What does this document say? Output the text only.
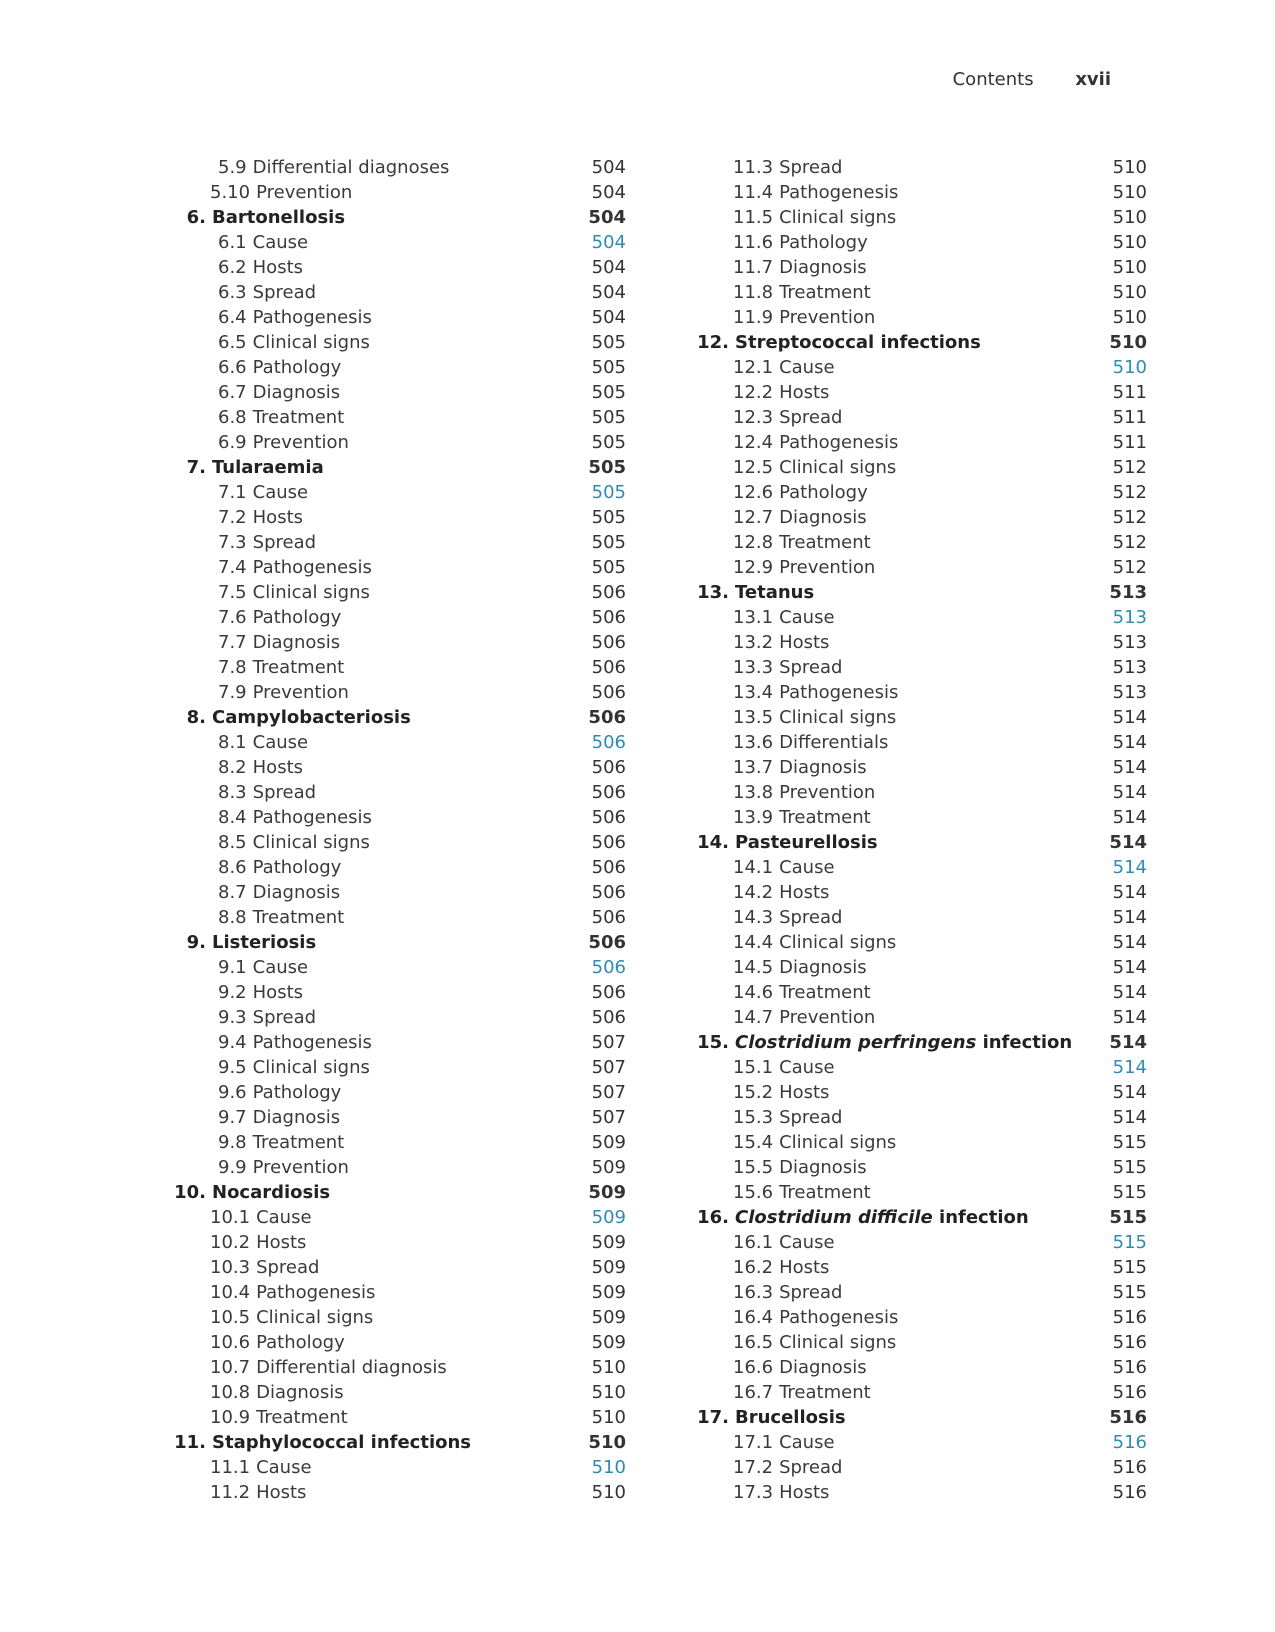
Contents xvii
5.9 Differential diagnoses	504
5.10 Prevention	504
6. Bartonellosis	504
6.1 Cause	504
6.2 Hosts	504
6.3 Spread	504
6.4 Pathogenesis	504
6.5 Clinical signs	505
6.6 Pathology	505
6.7 Diagnosis	505
6.8 Treatment	505
6.9 Prevention	505
7. Tularaemia	505
7.1 Cause	505
7.2 Hosts	505
7.3 Spread	505
7.4 Pathogenesis	505
7.5 Clinical signs	506
7.6 Pathology	506
7.7 Diagnosis	506
7.8 Treatment	506
7.9 Prevention	506
8. Campylobacteriosis	506
8.1 Cause	506
8.2 Hosts	506
8.3 Spread	506
8.4 Pathogenesis	506
8.5 Clinical signs	506
8.6 Pathology	506
8.7 Diagnosis	506
8.8 Treatment	506
9. Listeriosis	506
9.1 Cause	506
9.2 Hosts	506
9.3 Spread	506
9.4 Pathogenesis	507
9.5 Clinical signs	507
9.6 Pathology	507
9.7 Diagnosis	507
9.8 Treatment	509
9.9 Prevention	509
10. Nocardiosis	509
10.1 Cause	509
10.2 Hosts	509
10.3 Spread	509
10.4 Pathogenesis	509
10.5 Clinical signs	509
10.6 Pathology	509
10.7 Differential diagnosis	510
10.8 Diagnosis	510
10.9 Treatment	510
11. Staphylococcal infections	510
11.1 Cause	510
11.2 Hosts	510
11.3 Spread	510
11.4 Pathogenesis	510
11.5 Clinical signs	510
11.6 Pathology	510
11.7 Diagnosis	510
11.8 Treatment	510
11.9 Prevention	510
12. Streptococcal infections	510
12.1 Cause	510
12.2 Hosts	511
12.3 Spread	511
12.4 Pathogenesis	511
12.5 Clinical signs	512
12.6 Pathology	512
12.7 Diagnosis	512
12.8 Treatment	512
12.9 Prevention	512
13. Tetanus	513
13.1 Cause	513
13.2 Hosts	513
13.3 Spread	513
13.4 Pathogenesis	513
13.5 Clinical signs	514
13.6 Differentials	514
13.7 Diagnosis	514
13.8 Prevention	514
13.9 Treatment	514
14. Pasteurellosis	514
14.1 Cause	514
14.2 Hosts	514
14.3 Spread	514
14.4 Clinical signs	514
14.5 Diagnosis	514
14.6 Treatment	514
14.7 Prevention	514
15. Clostridium perfringens infection 514
15.1 Cause	514
15.2 Hosts	514
15.3 Spread	514
15.4 Clinical signs	515
15.5 Diagnosis	515
15.6 Treatment	515
16. Clostridium difficile infection	515
16.1 Cause	515
16.2 Hosts	515
16.3 Spread	515
16.4 Pathogenesis	516
16.5 Clinical signs	516
16.6 Diagnosis	516
16.7 Treatment	516
17. Brucellosis	516
17.1 Cause	516
17.2 Spread	516
17.3 Hosts	516
